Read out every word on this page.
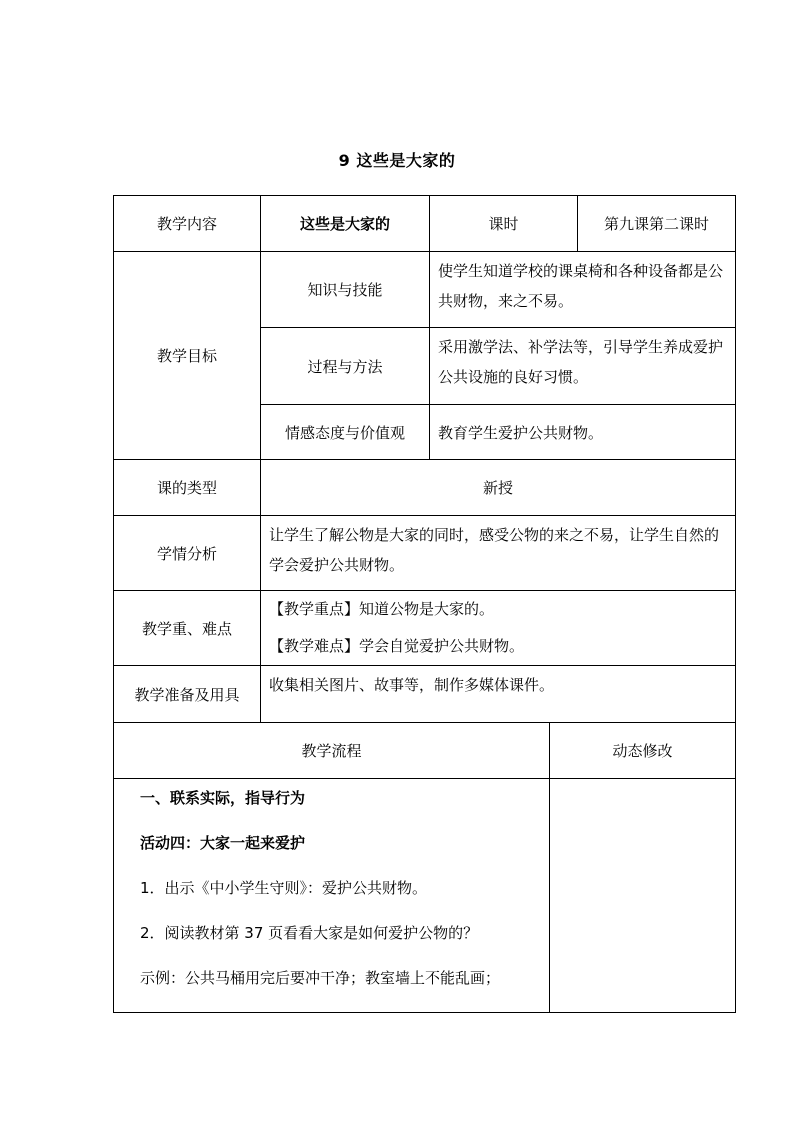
9 这些是大家的
教学内容	这些是大家的	课时		第九课第二课时
教学目标	知识与技能	使学生知道学校的课桌椅和各种设备都是公共财物，来之不易。		
	过程与方法	采用激学法、补学法等，引导学生养成爱护公共设施的良好习惯。		
	情感态度与价值观	教育学生爱护公共财物。		
课的类型	新授			
学情分析	让学生了解公物是大家的同时，感受公物的来之不易，让学生自然的学会爱护公共财物。			
教学重、难点	【教学重点】知道公物是大家的。
【教学难点】学会自觉爱护公共财物。			

教学准备及用具	收集相关图片、故事等，制作多媒体课件。			
教学流程			动态修改	

一、联系实际，指导行为

活动四：大家一起来爱护

1．出示《中小学生守则》：爱护公共财物。

2．阅读教材第 37 页看看大家是如何爱护公物的？

示例：公共马桶用完后要冲干净；教室墙上不能乱画；				
